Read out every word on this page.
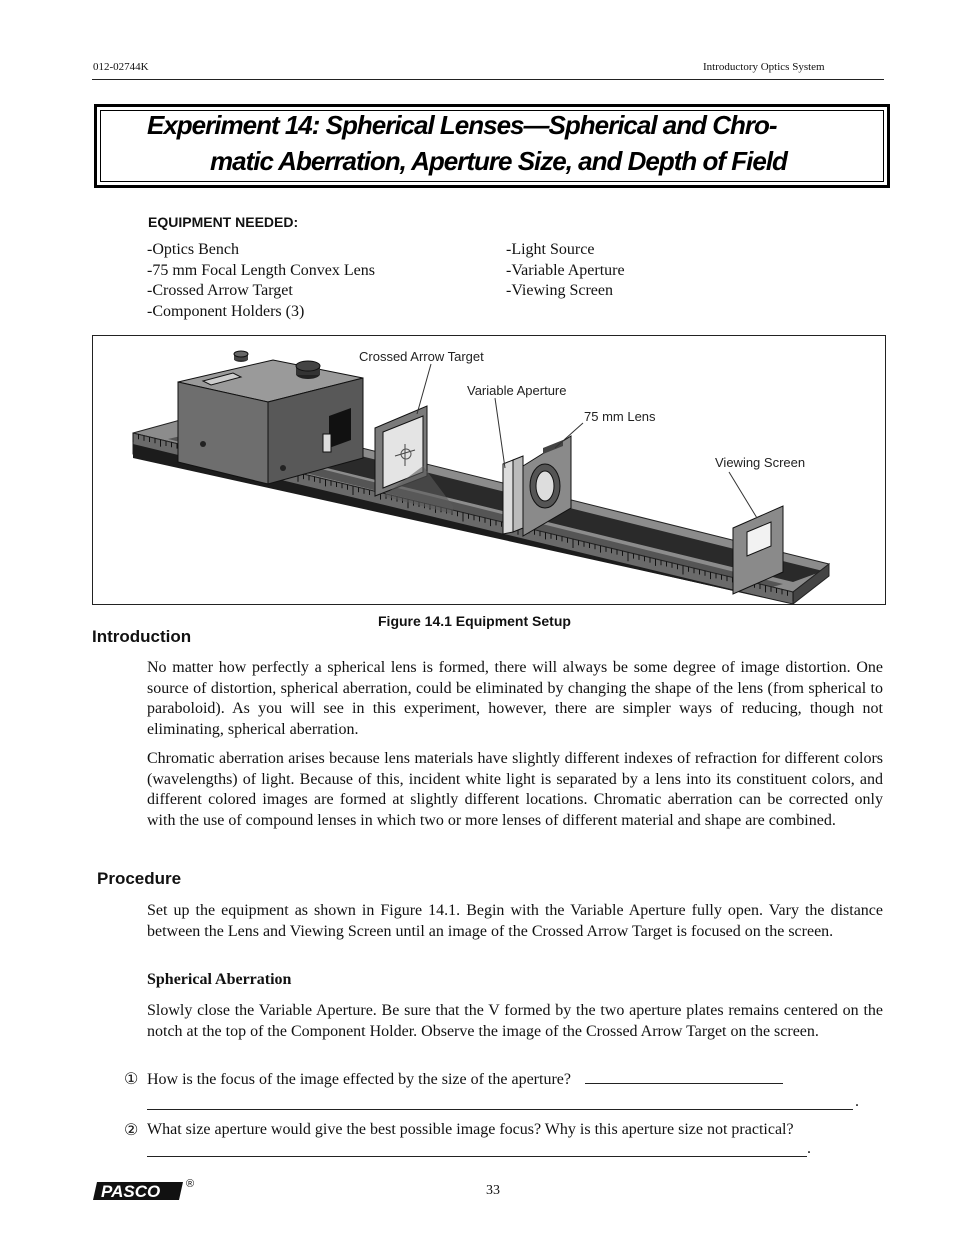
012-02744K	Introductory Optics System
Experiment 14: Spherical Lenses—Spherical and Chro-
matic Aberration, Aperture Size, and Depth of Field
EQUIPMENT NEEDED:
-Optics Bench
-75 mm Focal Length Convex Lens
-Crossed Arrow Target
-Component Holders (3)
-Light Source
-Variable Aperture
-Viewing Screen
Crossed Arrow Target
Variable Aperture
75 mm Lens
Viewing Screen
Figure 14.1 Equipment Setup
Introduction
No matter how perfectly a spherical lens is formed, there will always be some degree of image distortion. One source of distortion, spherical aberration, could be eliminated by changing the shape of the lens (from spherical to paraboloid). As you will see in this experiment, however, there are simpler ways of reducing, though not eliminating, spherical aberration.
Chromatic aberration arises because lens materials have slightly different indexes of refraction for different colors (wavelengths) of light. Because of this, incident white light is separated by a lens into its constituent colors, and different colored images are formed at slightly different locations. Chromatic aberration can be corrected only with the use of compound lenses in which two or more lenses of different material and shape are combined.
Procedure
Set up the equipment as shown in Figure 14.1. Begin with the Variable Aperture fully open. Vary the distance between the Lens and Viewing Screen until an image of the Crossed Arrow Target is focused on the screen.
Spherical Aberration
Slowly close the Variable Aperture. Be sure that the V formed by the two aperture plates remains centered on the notch at the top of the Component Holder. Observe the image of the Crossed Arrow Target on the screen.
① How is the focus of the image effected by the size of the aperture?
.
② What size aperture would give the best possible image focus? Why is this aperture size not practical?
.
PASCO ®	33
